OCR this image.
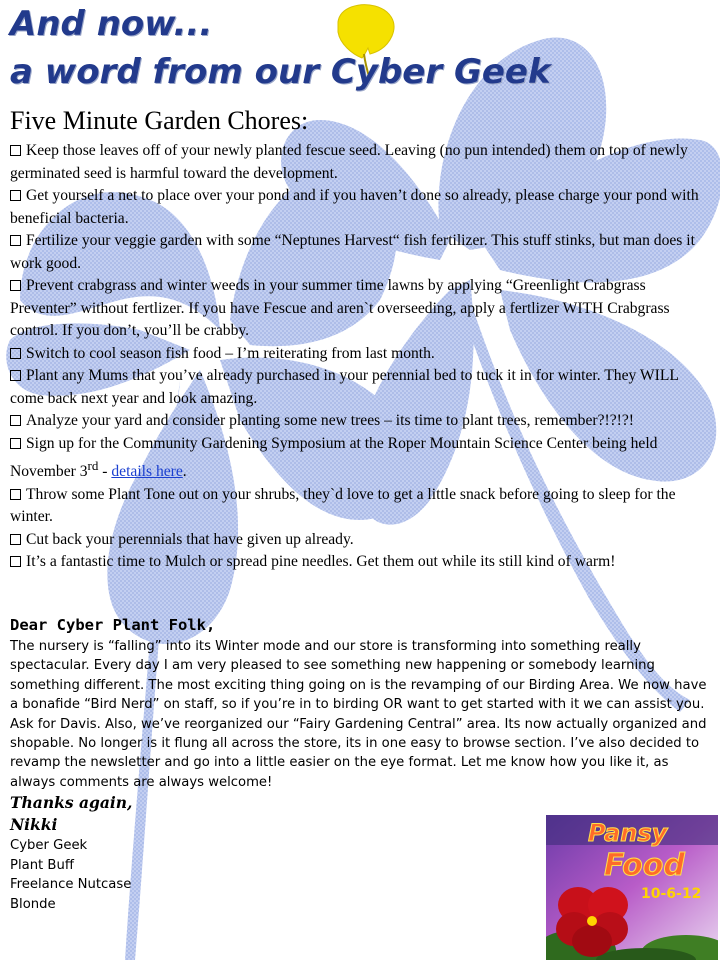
And now...
a word from our Cyber Geek
Five Minute Garden Chores:
Keep those leaves off of your newly planted fescue seed. Leaving (no pun intended) them on top of newly germinated seed is harmful toward the development.
Get yourself a net to place over your pond and if you haven’t done so already, please charge your pond with beneficial bacteria.
Fertilize your veggie garden with some “Neptunes Harvest“ fish fertilizer. This stuff stinks, but man does it work good.
Prevent crabgrass and winter weeds in your summer time lawns by applying “Greenlight Crabgrass Preventer” without fertlizer. If you have Fescue and aren`t overseeding, apply a fertlizer WITH Crabgrass control. If you don’t, you’ll be crabby.
Switch to cool season fish food – I’m reiterating from last month.
Plant any Mums that you’ve already purchased in your perennial bed to tuck it in for winter. They WILL come back next year and look amazing.
Analyze your yard and consider planting some new trees – its time to plant trees, remember?!?!?!
Sign up for the Community Gardening Symposium at the Roper Mountain Science Center being held November 3rd - details here.
Throw some Plant Tone out on your shrubs, they`d love to get a little snack before going to sleep for the winter.
Cut back your perennials that have given up already.
It’s a fantastic time to Mulch or spread pine needles. Get them out while its still kind of warm!

Dear Cyber Plant Folk,

The nursery is “falling” into its Winter mode and our store is transforming into something really spectacular. Every day I am very pleased to see something new happening or somebody learning something different. The most exciting thing going on is the revamping of our Birding Area. We now have a bonafide “Bird Nerd” on staff, so if you’re in to birding OR want to get started with it we can assist you. Ask for Davis. Also, we’ve reorganized our “Fairy Gardening Central” area. Its now actually organized and shopable. No longer is it flung all across the store, its in one easy to browse section. I’ve also decided to revamp the newsletter and go into a little easier on the eye format. Let me know how you like it, as always comments are always welcome!

Thanks again,

Nikki

Cyber Geek

Plant Buff

Freelance Nutcase

Blonde

Pansy
Food
10-6-12
